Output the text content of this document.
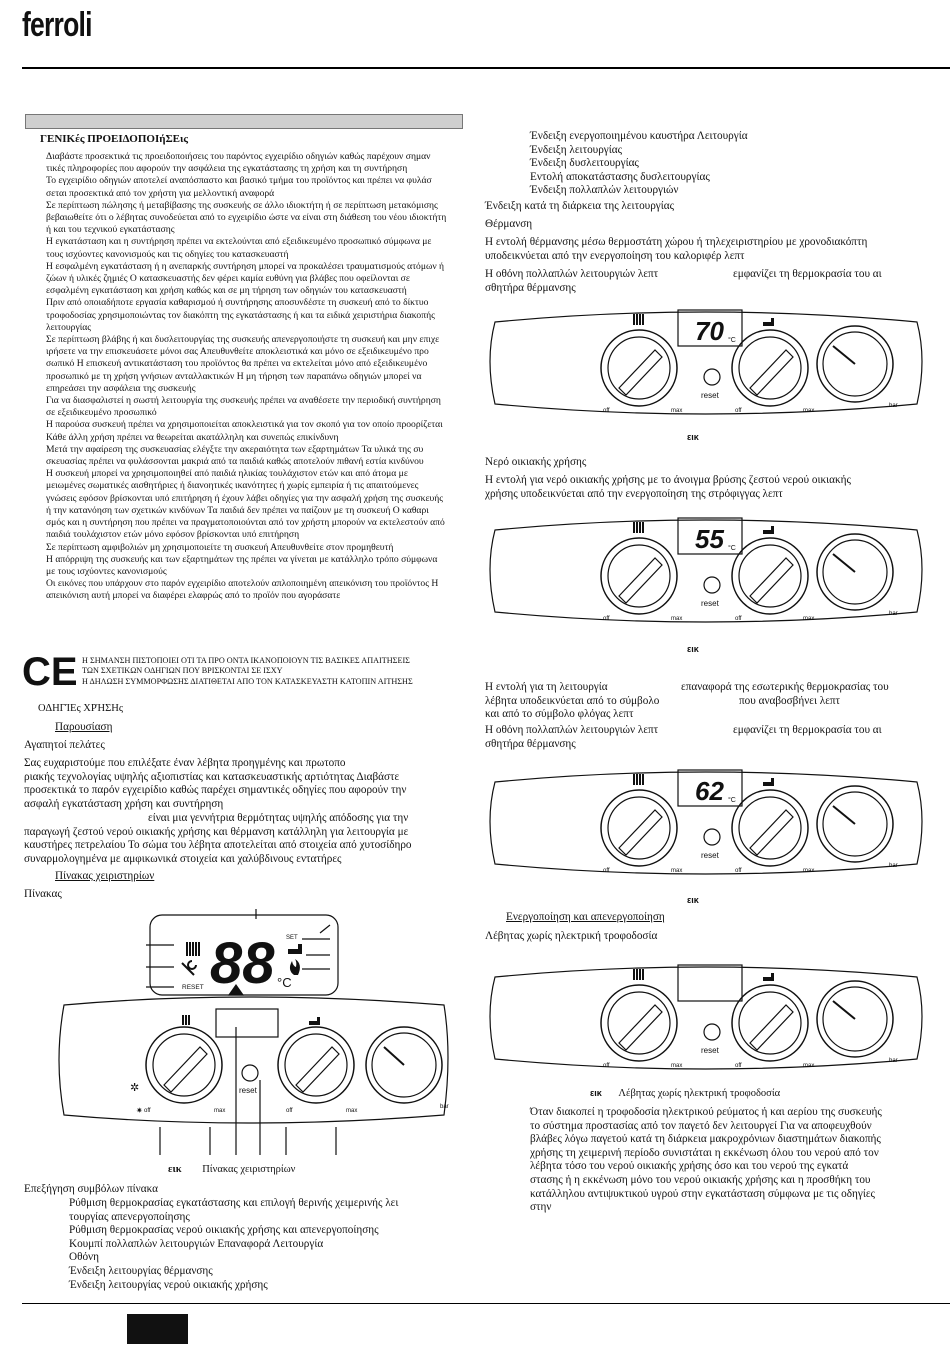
ferroli
ΓΕΝΙΚές ΠΡΟΕΙΔΟΠΟΙήΣΕις
Διαβάστε προσεκτικά τις προειδοποιήσεις του παρόντος εγχειρίδιο οδηγιών καθώς παρέχουν σημαν
τικές πληροφορίες που αφορούν την ασφάλεια της εγκατάστασης τη χρήση και τη συντήρηση
Το εγχειρίδιο οδηγιών αποτελεί αναπόσπαστο και βασικό τμήμα του προϊόντος και πρέπει να φυλάσ
σεται προσεκτικά από τον χρήστη για μελλοντική αναφορά
Σε περίπτωση πώλησης ή μεταβίβασης της συσκευής σε άλλο ιδιοκτήτη ή σε περίπτωση μετακόμισης
βεβαιωθείτε ότι ο λέβητας συνοδεύεται από το εγχειρίδιο ώστε να είναι στη διάθεση του νέου ιδιοκτήτη
ή και του τεχνικού εγκατάστασης
Η εγκατάσταση και η συντήρηση πρέπει να εκτελούνται από εξειδικευμένο προσωπικό σύμφωνα με
τους ισχύοντες κανονισμούς και τις οδηγίες του κατασκευαστή
Η εσφαλμένη εγκατάσταση ή η ανεπαρκής συντήρηση μπορεί να προκαλέσει τραυματισμούς ατόμων ή
ζώων ή υλικές ζημιές Ο κατασκευαστής δεν φέρει καμία ευθύνη για βλάβες που οφείλονται σε
εσφαλμένη εγκατάσταση και χρήση καθώς και σε μη τήρηση των οδηγιών του κατασκευαστή
Πριν από οποιαδήποτε εργασία καθαρισμού ή συντήρησης αποσυνδέστε τη συσκευή από το δίκτυο
τροφοδοσίας χρησιμοποιώντας τον διακόπτη της εγκατάστασης ή και τα ειδικά χειριστήρια διακοπής
λειτουργίας
Σε περίπτωση βλάβης ή και δυσλειτουργίας της συσκευής απενεργοποιήστε τη συσκευή και μην επιχε
ιρήσετε να την επισκευάσετε μόνοι σας Απευθυνθείτε αποκλειστικά και μόνο σε εξειδικευμένο προ
σωπικό Η επισκευή αντικατάσταση του προϊόντος θα πρέπει να εκτελείται μόνο από εξειδικευμένο
προσωπικό με τη χρήση γνήσιων ανταλλακτικών Η μη τήρηση των παραπάνω οδηγιών μπορεί να
επηρεάσει την ασφάλεια της συσκευής
Για να διασφαλιστεί η σωστή λειτουργία της συσκευής πρέπει να αναθέσετε την περιοδική συντήρηση
σε εξειδικευμένο προσωπικό
Η παρούσα συσκευή πρέπει να χρησιμοποιείται αποκλειστικά για τον σκοπό για τον οποίο προορίζεται
Κάθε άλλη χρήση πρέπει να θεωρείται ακατάλληλη και συνεπώς επικίνδυνη
Μετά την αφαίρεση της συσκευασίας ελέγξτε την ακεραιότητα των εξαρτημάτων Τα υλικά της συ
σκευασίας πρέπει να φυλάσσονται μακριά από τα παιδιά καθώς αποτελούν πιθανή εστία κινδύνου
Η συσκευή μπορεί να χρησιμοποιηθεί από παιδιά ηλικίας τουλάχιστον ετών και από άτομα με
μειωμένες σωματικές αισθητήριες ή διανοητικές ικανότητες ή χωρίς εμπειρία ή τις απαιτούμενες
γνώσεις εφόσον βρίσκονται υπό επιτήρηση ή έχουν λάβει οδηγίες για την ασφαλή χρήση της συσκευής
ή την κατανόηση των σχετικών κινδύνων Τα παιδιά δεν πρέπει να παίζουν με τη συσκευή Ο καθαρι
σμός και η συντήρηση που πρέπει να πραγματοποιούνται από τον χρήστη μπορούν να εκτελεστούν από
παιδιά τουλάχιστον ετών μόνο εφόσον βρίσκονται υπό επιτήρηση
Σε περίπτωση αμφιβολιών μη χρησιμοποιείτε τη συσκευή Απευθυνθείτε στον προμηθευτή
Η απόρριψη της συσκευής και των εξαρτημάτων της πρέπει να γίνεται με κατάλληλο τρόπο σύμφωνα
με τους ισχύοντες κανονισμούς
Οι εικόνες που υπάρχουν στο παρόν εγχειρίδιο αποτελούν απλοποιημένη απεικόνιση του προϊόντος Η
απεικόνιση αυτή μπορεί να διαφέρει ελαφρώς από το προϊόν που αγοράσατε
CE Η ΣΗΜΑΝΣΗ ΠΙΣΤΟΠΟΙΕΙ ΟΤΙ ΤΑ ΠΡΟ ΟΝΤΑ ΙΚΑΝΟΠΟΙΟΥΝ ΤΙΣ ΒΑΣΙΚΕΣ ΑΠΑΙΤΗΣΕΙΣ
ΤΩΝ ΣΧΕΤΙΚΩΝ ΟΔΗΓΙΩΝ ΠΟΥ ΒΡΙΣΚΟΝΤΑΙ ΣΕ ΙΣΧΥ
Η ΔΗΛΩΣΗ ΣΥΜΜΟΡΦΩΣΗΣ ΔΙΑΤΙΘΕΤΑΙ ΑΠΟ ΤΟΝ ΚΑΤΑΣΚΕΥΑΣΤΗ ΚΑΤΟΠΙΝ ΑΙΤΗΣΗΣ
ΟΔΗΓΊΕς ΧΡΉΣΗς
Παρουσίαση
Αγαπητοί πελάτες
Σας ευχαριστούμε που επιλέξατε έναν λέβητα προηγμένης και πρωτοπο
ριακής τεχνολογίας υψηλής αξιοπιστίας και κατασκευαστικής αρτιότητας Διαβάστε
προσεκτικά το παρόν εγχειρίδιο καθώς παρέχει σημαντικές οδηγίες που αφορούν την
ασφαλή εγκατάσταση χρήση και συντήρηση
είναι μια γεννήτρια θερμότητας υψηλής απόδοσης για την
παραγωγή ζεστού νερού οικιακής χρήσης και θέρμανση κατάλληλη για λειτουργία με
καυστήρες πετρελαίου Το σώμα του λέβητα αποτελείται από στοιχεία από χυτοσίδηρο
συναρμολογημένα με αμφικωνικά στοιχεία και χαλύβδινους εντατήρες
Πίνακας χειριστηρίων
Πίνακας
88 °C
RESET
SET
✲
✷ off	max
reset
off	max
bar
εικ Πίνακας χειριστηρίων
Επεξήγηση συμβόλων πίνακα
Ρύθμιση θερμοκρασίας εγκατάστασης και επιλογή θερινής χειμερινής λει
τουργίας απενεργοποίησης
Ρύθμιση θερμοκρασίας νερού οικιακής χρήσης και απενεργοποίησης
Κουμπί πολλαπλών λειτουργιών Επαναφορά Λειτουργία
Οθόνη
Ένδειξη λειτουργίας θέρμανσης
Ένδειξη λειτουργίας νερού οικιακής χρήσης
Ένδειξη ενεργοποιημένου καυστήρα Λειτουργία
Ένδειξη λειτουργίας
Ένδειξη δυσλειτουργίας
Εντολή αποκατάστασης δυσλειτουργίας
Ένδειξη πολλαπλών λειτουργιών
Ένδειξη κατά τη διάρκεια της λειτουργίας
Θέρμανση
Η εντολή θέρμανσης μέσω θερμοστάτη χώρου ή τηλεχειριστηρίου με χρονοδιακόπτη
υποδεικνύεται από την ενεργοποίηση του καλοριφέρ λεπτ
Η οθόνη πολλαπλών λειτουργιών λεπτ	εμφανίζει τη θερμοκρασία του αι
σθητήρα θέρμανσης
70 °C
reset
off	max	off	max
bar
εικ
Νερό οικιακής χρήσης
Η εντολή για νερό οικιακής χρήσης με το άνοιγμα βρύσης ζεστού νερού οικιακής
χρήσης υποδεικνύεται από την ενεργοποίηση της στρόφιγγας λεπτ
55 °C
reset
off	max	off	max
bar
εικ
Η εντολή για τη λειτουργία	επαναφορά της εσωτερικής θερμοκρασίας του
λέβητα υποδεικνύεται από το σύμβολο	που αναβοσβήνει λεπτ
και από το σύμβολο φλόγας λεπτ
Η οθόνη πολλαπλών λειτουργιών λεπτ	εμφανίζει τη θερμοκρασία του αι
σθητήρα θέρμανσης
62 °C
reset
off	max	off	max
bar
εικ
Ενεργοποίηση και απενεργοποίηση
Λέβητας χωρίς ηλεκτρική τροφοδοσία
reset
off	max	off	max
bar
εικ Λέβητας χωρίς ηλεκτρική τροφοδοσία
Όταν διακοπεί η τροφοδοσία ηλεκτρικού ρεύματος ή και αερίου της συσκευής
το σύστημα προστασίας από τον παγετό δεν λειτουργεί Για να αποφευχθούν
βλάβες λόγω παγετού κατά τη διάρκεια μακροχρόνιων διαστημάτων διακοπής
χρήσης τη χειμερινή περίοδο συνιστάται η εκκένωση όλου του νερού από τον
λέβητα τόσο του νερού οικιακής χρήσης όσο και του νερού της εγκατά
στασης ή η εκκένωση μόνο του νερού οικιακής χρήσης και η προσθήκη του
κατάλληλου αντιψυκτικού υγρού στην εγκατάσταση σύμφωνα με τις οδηγίες
στην
